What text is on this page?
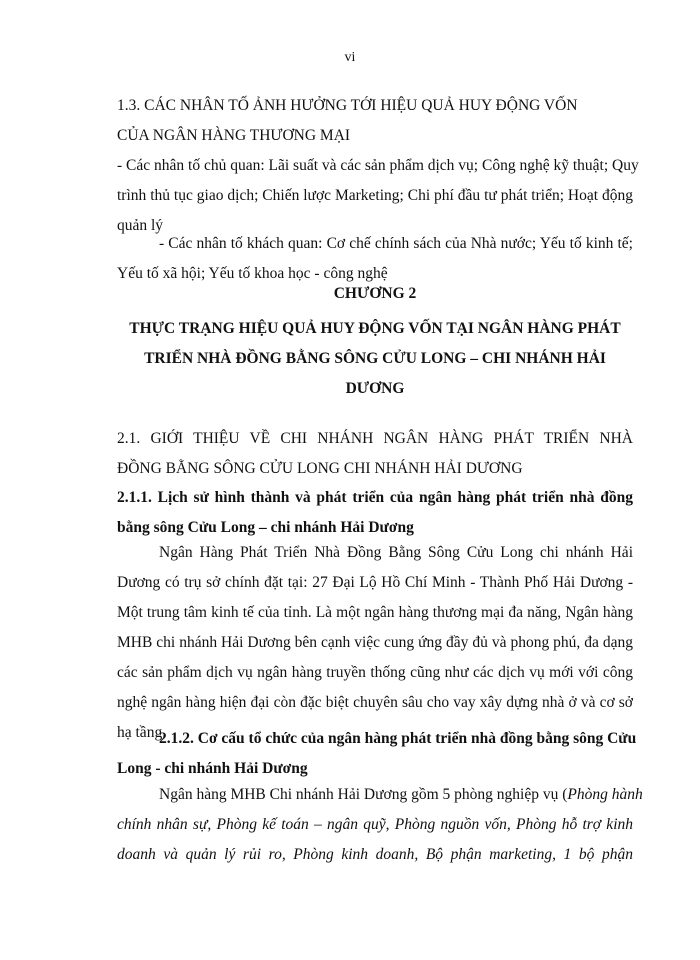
vi
1.3. CÁC NHÂN TỐ ẢNH HƯỞNG TỚI HIỆU QUẢ HUY ĐỘNG VỐN
CỦA NGÂN HÀNG THƯƠNG MẠI
- Các nhân tố chủ quan: Lãi suất và các sản phẩm dịch vụ; Công nghệ kỹ thuật; Quy
trình thủ tục giao dịch; Chiến lược Marketing; Chi phí đầu tư phát triển; Hoạt động
quản lý
- Các nhân tố khách quan: Cơ chế chính sách của Nhà nước; Yếu tố kinh tế;
Yếu tố xã hội; Yếu tố khoa học - công nghệ
CHƯƠNG 2
THỰC TRẠNG HIỆU QUẢ HUY ĐỘNG VỐN TẠI NGÂN HÀNG PHÁT
TRIỂN NHÀ ĐỒNG BẰNG SÔNG CỬU LONG – CHI NHÁNH HẢI
DƯƠNG
2.1. GIỚI THIỆU VỀ CHI NHÁNH NGÂN HÀNG PHÁT TRIỂN NHÀ
ĐỒNG BẰNG SÔNG CỬU LONG CHI NHÁNH HẢI DƯƠNG
2.1.1. Lịch sử hình thành và phát triển của ngân hàng phát triển nhà đồng
bằng sông Cửu Long – chi nhánh Hải Dương
Ngân Hàng Phát Triển Nhà Đồng Bằng Sông Cửu Long chi nhánh Hải
Dương có trụ sở chính đặt tại: 27 Đại Lộ Hồ Chí Minh - Thành Phố Hải Dương -
Một trung tâm kinh tế của tỉnh. Là một ngân hàng thương mại đa năng, Ngân hàng
MHB chi nhánh Hải Dương bên cạnh việc cung ứng đầy đủ và phong phú, đa dạng
các sản phẩm dịch vụ ngân hàng truyền thống cũng như các dịch vụ mới với công
nghệ ngân hàng hiện đại còn đặc biệt chuyên sâu cho vay xây dựng nhà ở và cơ sở
hạ tầng.
2.1.2. Cơ cấu tổ chức của ngân hàng phát triển nhà đồng bằng sông Cửu
Long - chi nhánh Hải Dương
Ngân hàng MHB Chi nhánh Hải Dương gồm 5 phòng nghiệp vụ (Phòng hành
chính nhân sự, Phòng kế toán – ngân quỹ, Phòng nguồn vốn, Phòng hỗ trợ kinh
doanh và quản lý rủi ro, Phòng kinh doanh, Bộ phận marketing, 1 bộ phận
